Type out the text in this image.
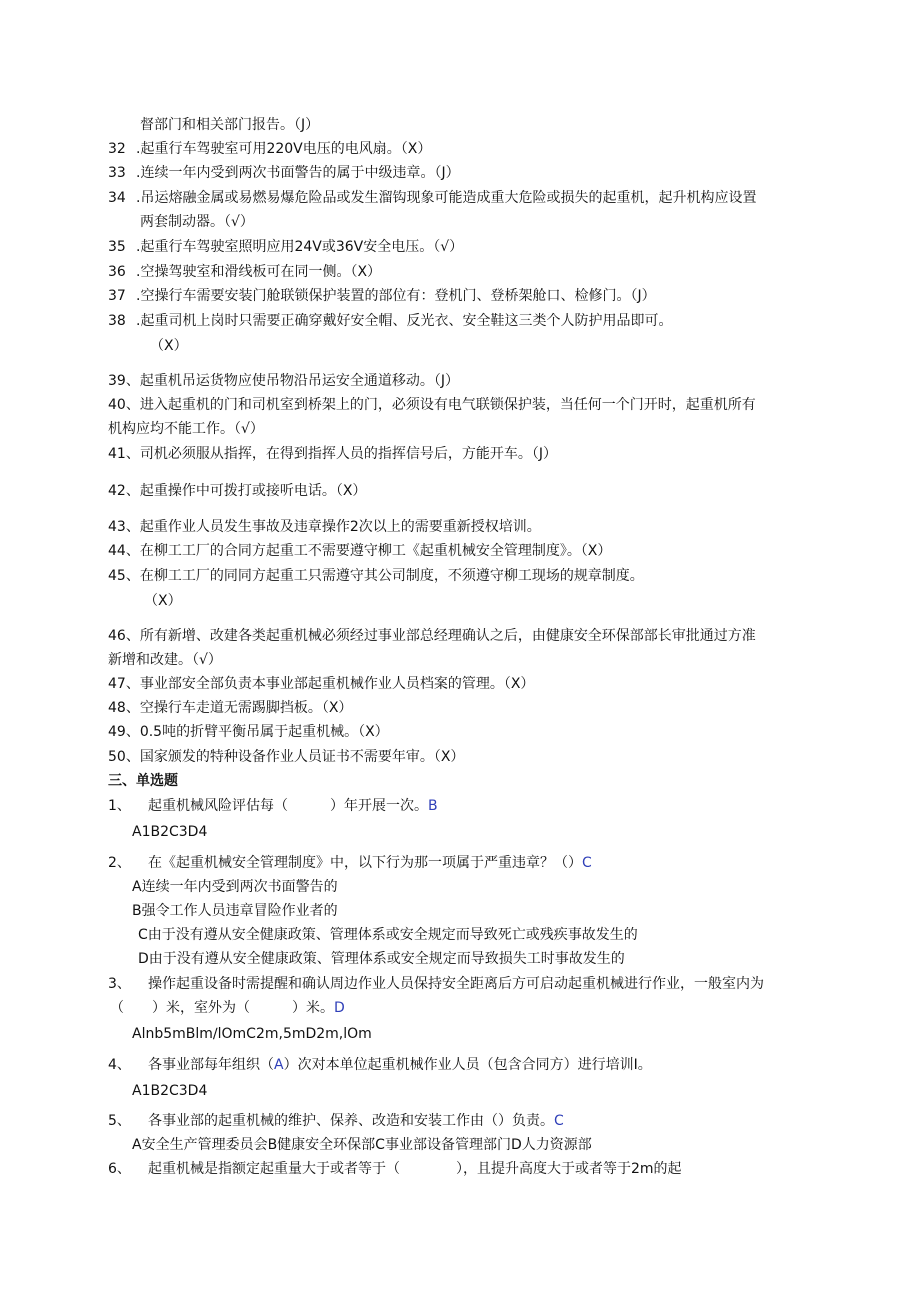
督部门和相关部门报告。（J）
32 .起重行车驾驶室可用220V电压的电风扇。（X）
33 .连续一年内受到两次书面警告的属于中级违章。（J）
34 .吊运熔融金属或易燃易爆危险品或发生溜钩现象可能造成重大危险或损失的起重机，起升机构应设置
两套制动器。（√）
35 .起重行车驾驶室照明应用24V或36V安全电压。（√）
36 .空操驾驶室和滑线板可在同一侧。（X）
37 .空操行车需要安装门舱联锁保护装置的部位有：登机门、登桥架舱口、检修门。（J）
38 .起重司机上岗时只需要正确穿戴好安全帽、反光衣、安全鞋这三类个人防护用品即可。
（X）
39、起重机吊运货物应使吊物沿吊运安全通道移动。（J）
40、进入起重机的门和司机室到桥架上的门，必须设有电气联锁保护装，当任何一个门开时，起重机所有
机构应均不能工作。（√）
41、司机必须服从指挥，在得到指挥人员的指挥信号后，方能开车。（J）
42、起重操作中可拨打或接听电话。（X）
43、起重作业人员发生事故及违章操作2次以上的需要重新授权培训。
44、在柳工工厂的合同方起重工不需要遵守柳工《起重机械安全管理制度》。（X）
45、在柳工工厂的同同方起重工只需遵守其公司制度，不须遵守柳工现场的规章制度。
（X）
46、所有新增、改建各类起重机械必须经过事业部总经理确认之后，由健康安全环保部部长审批通过方准
新增和改建。（√）
47、事业部安全部负责本事业部起重机械作业人员档案的管理。（X）
48、空操行车走道无需踢脚挡板。（X）
49、0.5吨的折臂平衡吊属于起重机械。（X）
50、国家颁发的特种设备作业人员证书不需要年审。（X）
三、单选题
1、 起重机械风险评估每（　　　）年开展一次。B
A1B2C3D4
2、 在《起重机械安全管理制度》中，以下行为那一项属于严重违章？（）C
A连续一年内受到两次书面警告的
B强令工作人员违章冒险作业者的
C由于没有遵从安全健康政策、管理体系或安全规定而导致死亡或残疾事故发生的
D由于没有遵从安全健康政策、管理体系或安全规定而导致损失工时事故发生的
3、 操作起重设备时需提醒和确认周边作业人员保持安全距离后方可启动起重机械进行作业，一般室内为
（　　）米，室外为（　　　）米。D
Alnb5mBlm∕lOmC2m,5mD2m,lOm
4、 各事业部每年组织（A）次对本单位起重机械作业人员（包含合同方）进行培训I。
A1B2C3D4
5、 各事业部的起重机械的维护、保养、改造和安装工作由（）负责。C
A安全生产管理委员会B健康安全环保部C事业部设备管理部门D人力资源部
6、 起重机械是指额定起重量大于或者等于（　　　　），且提升高度大于或者等于2m的起
